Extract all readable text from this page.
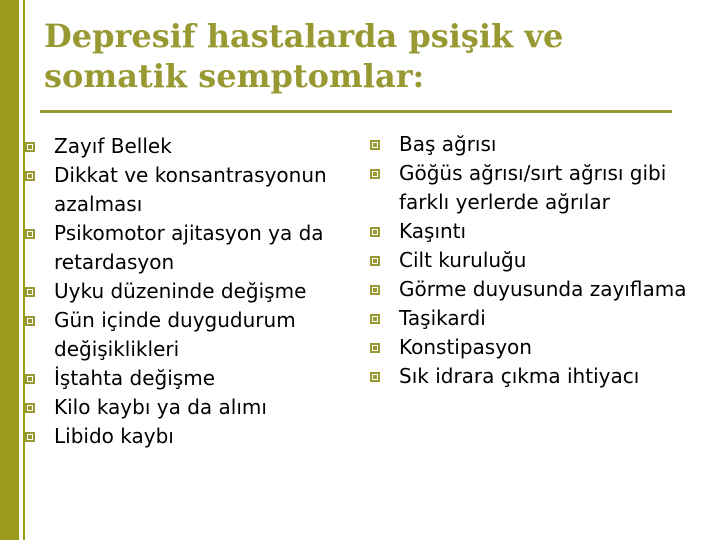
Depresif hastalarda psişik ve
somatik semptomlar:
Zayıf Bellek
Dikkat ve konsantrasyonun azalması
Psikomotor ajitasyon ya da retardasyon
Uyku düzeninde değişme
Gün içinde duygudurum değişiklikleri
İştahta değişme
Kilo kaybı ya da alımı
Libido kaybı
Baş ağrısı
Göğüs ağrısı/sırt ağrısı gibi farklı yerlerde ağrılar
Kaşıntı
Cilt kuruluğu
Görme duyusunda zayıflama
Taşikardi
Konstipasyon
Sık idrara çıkma ihtiyacı
